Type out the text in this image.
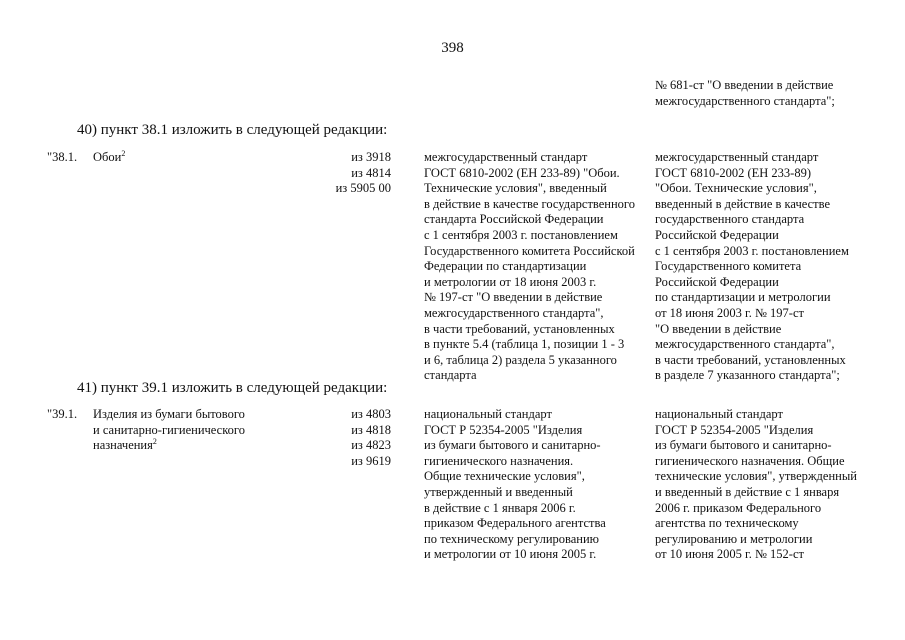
398
№ 681-ст "О введении в действие
межгосударственного стандарта";
40) пункт 38.1 изложить в следующей редакции:
"38.1. Обои$^2$	из 3918
из 4814
из 5905 00
межгосударственный стандарт
ГОСТ 6810-2002 (ЕН 233-89) "Обои.
Технические условия", введенный
в действие в качестве государственного
стандарта Российской Федерации
с 1 сентября 2003 г. постановлением
Государственного комитета Российской
Федерации по стандартизации
и метрологии от 18 июня 2003 г.
№ 197-ст "О введении в действие
межгосударственного стандарта",
в части требований, установленных
в пункте 5.4 (таблица 1, позиции 1 - 3
и 6, таблица 2) раздела 5 указанного
стандарта
межгосударственный стандарт
ГОСТ 6810-2002 (ЕН 233-89)
"Обои. Технические условия",
введенный в действие в качестве
государственного стандарта
Российской Федерации
с 1 сентября 2003 г. постановлением
Государственного комитета
Российской Федерации
по стандартизации и метрологии
от 18 июня 2003 г. № 197-ст
"О введении в действие
межгосударственного стандарта",
в части требований, установленных
в разделе 7 указанного стандарта";
41) пункт 39.1 изложить в следующей редакции:
"39.1. Изделия из бумаги бытового
и санитарно-гигиенического
назначения$^2$
из 4803
из 4818
из 4823
из 9619
национальный стандарт
ГОСТ Р 52354-2005 "Изделия
из бумаги бытового и санитарно-
гигиенического назначения.
Общие технические условия",
утвержденный и введенный
в действие с 1 января 2006 г.
приказом Федерального агентства
по техническому регулированию
и метрологии от 10 июня 2005 г.
национальный стандарт
ГОСТ Р 52354-2005 "Изделия
из бумаги бытового и санитарно-
гигиенического назначения. Общие
технические условия", утвержденный
и введенный в действие с 1 января
2006 г. приказом Федерального
агентства по техническому
регулированию и метрологии
от 10 июня 2005 г. № 152-ст
